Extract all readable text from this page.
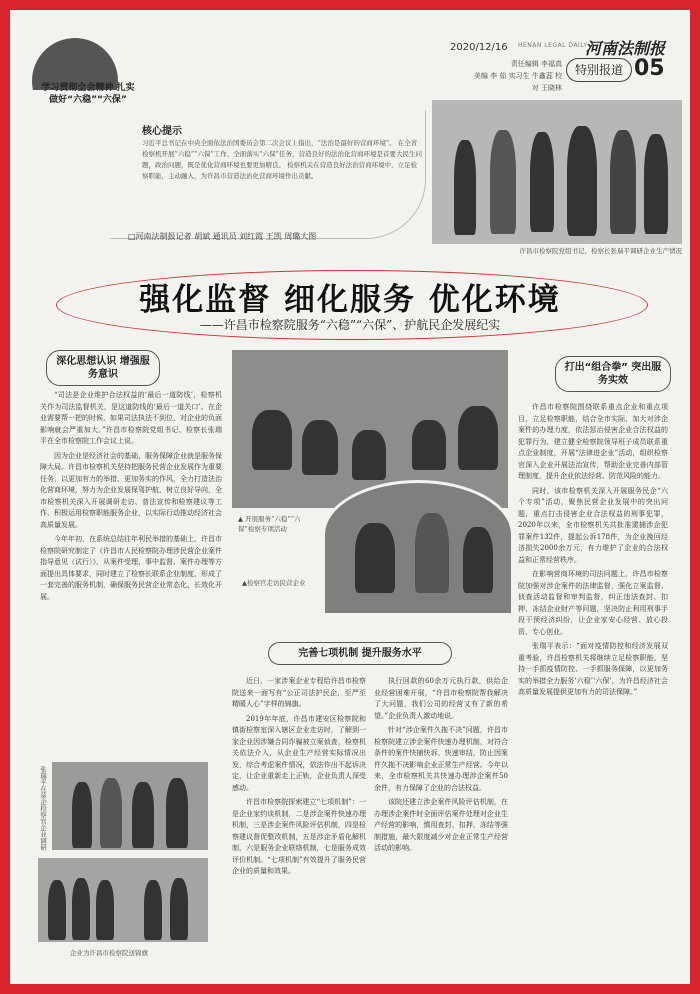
学习贯彻全会精神 扎实做好“六稳”“六保”
2020/12/16 HENAN LEGAL DAILY
河南法制报
责任编辑 李福真
美编 李 茹 实习生 牛鑫蕊 校对 王晓林
特别报道 05
核心提示
习近平总书记在中央全面依法治国委员会第二次会议上指出，“法治是最好的营商环境”。 在全省检察机开展“六稳”“六保”工作、全面落实“六保”任务，营造良好的法治化营商环境是首要大民生问题，政治问题，既是优化营商环境也要更加精良。 检察机关在营造良好法治营商环境中，立足检察职能，主动融入，为许昌市营造法治化营商环境作出贡献。
□河南法制报记者 胡斌 通讯员 刘红霞 王凯 周璐大图
许昌市检察院党组书记、检察长张瑞平调研企业生产情况
强化监督 细化服务 优化环境
——许昌市检察院服务“六稳”“六保”、护航民企发展纪实
深化思想认识 增强服务意识
完善七项机制 提升服务水平
打出“组合拳” 突出服务实效
▲ 开展服务“六稳”“六保”检察专项活动
▲检察官走访民营企业

“司法是企业维护合法权益的‘最后一道防线’，检察机关作为司法监督机关，是这道防线的‘最后一道关口’。在企业需要帮一把的时候，如果司法执法不到位，对企业的负面影响就会严重加大。”许昌市检察院党组书记、检察长张瑞平在全市检察院工作会议上说。

因为企业是经济社会的基础，服务保障企业就是服务保障大局。许昌市检察机关坚持把服务民营企业发展作为重要任务，以更加有力的举措、更加务实的作风，全力打造法治化营商环境，努力为企业发展保驾护航，树立良好导向，全市检察机关深入开展调研走访、普法宣传和检察建议等工作，积极运用检察职能服务企业，以实际行动推动经济社会高质量发展。

今年年初，在系统总结往年利民举措的基础上，许昌市检察院研究制定了《许昌市人民检察院办理涉民营企业案件指导意见（试行）》，从案件受理、事中监督、案件办理等方面提出具体要求，同时建立了检察长联系企业制度，形成了一套完善的服务机制，确保服务民营企业常态化、长效化开展。

张瑞平在莫企检察官企业调研
企业为许昌市检察院送锦旗

近日，一家涉案企业专程给许昌市检察院送来一面写有“公正司法护民企，至严至精暖人心”字样的锦旗。

2019年年底，许昌市建安区检察院和镇街检察室深入辖区企业走访时，了解到一家企业因涉嫌合同诈骗被立案侦查，检察机关依法介入，从企业生产经营实际情况出发，综合考虑案件情况，依法作出不起诉决定，让企业重新走上正轨，企业负责人深受感动。

许昌市检察院探索建立“七项机制”：一是企业家约谈机制，二是涉企案件快速办理机制，三是涉企案件风险评估机制，四是检察建议督促整改机制，五是涉企矛盾化解机制，六是服务企业联络机制，七是服务成效评价机制。“七项机制”有效提升了服务民营企业的质量和效果。

执行回款的60余万元执行款，供给企业经营困难开展，“许昌市检察院帮我解决了大问题，我们公司的经营又有了新的希望。”企业负责人激动地说。

针对“涉企案件久拖不决”问题，许昌市检察院建立涉企案件快速办理机制，对符合条件的案件快捕快诉、快速审结，防止因案件久拖不决影响企业正常生产经营。今年以来，全市检察机关共快速办理涉企案件50余件，有力保障了企业的合法权益。

该院还建立涉企案件风险评估机制，在办理涉企案件时全面评估案件处理对企业生产经营的影响，慎用查封、扣押、冻结等强制措施，最大限度减少对企业正常生产经营活动的影响。

许昌市检察院围绕联系重点企业和重点项目，立足检察职能，结合全市实际，加大对涉企案件的办理力度，依法惩治侵害企业合法权益的犯罪行为，建立健全检察院领导班子成员联系重点企业制度，开展“法律进企业”活动，组织检察官深入企业开展法治宣传，帮助企业完善内部管理制度，提升企业依法经营、防范风险的能力。

同时，该市检察机关深入开展服务民企“六个专项”活动，聚焦民营企业发展中的突出问题，重点打击侵害企业合法权益的刑事犯罪，2020年以来，全市检察机关共批准逮捕涉企犯罪案件132件，提起公诉178件，为企业挽回经济损失2000余万元，有力维护了企业的合法权益和正常经营秩序。

在影响营商环境的司法问题上，许昌市检察院加强对涉企案件的法律监督，强化立案监督、侦查活动监督和审判监督，纠正违法查封、扣押、冻结企业财产等问题，坚决防止利用刑事手段干预经济纠纷，让企业家安心经营、放心投资、专心创业。

张瑞平表示：“面对疫情防控和经济发展双重考验，许昌检察机关将继续立足检察职能，坚持一手抓疫情防控、一手抓服务保障，以更加务实的举措全力服务‘六稳’‘六保’，为许昌经济社会高质量发展提供更加有力的司法保障。”
